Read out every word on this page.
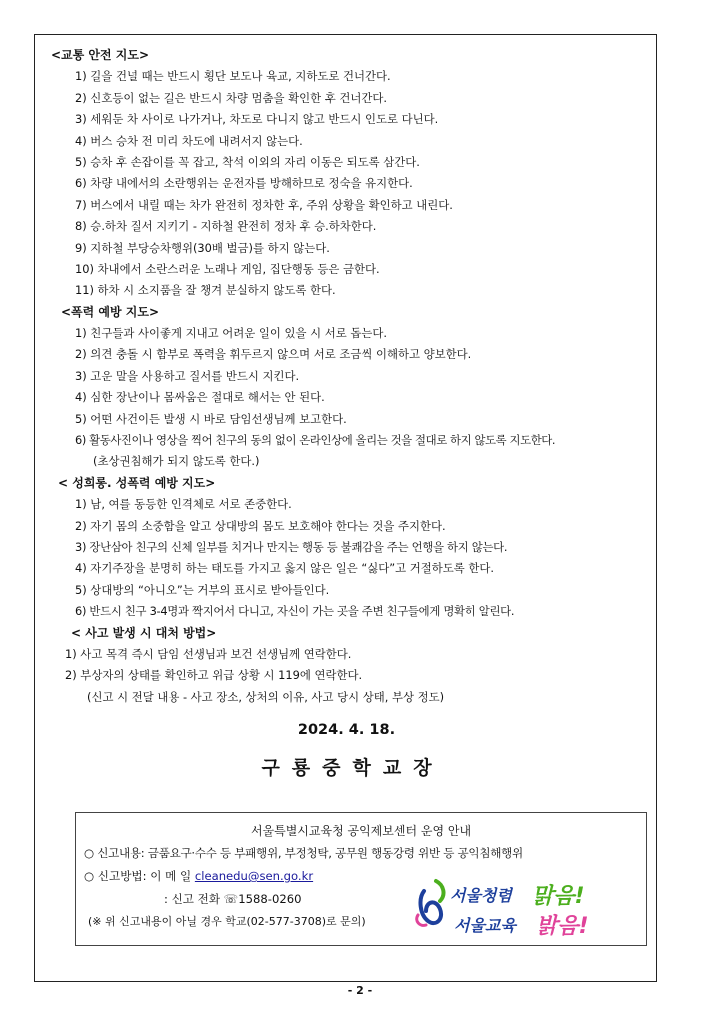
<교통 안전 지도>
1) 길을 건널 때는 반드시 횡단 보도나 육교, 지하도로 건너간다.
2) 신호등이 없는 길은 반드시 차량 멈춤을 확인한 후 건너간다.
3) 세워둔 차 사이로 나가거나, 차도로 다니지 않고 반드시 인도로 다닌다.
4) 버스 승차 전 미리 차도에 내려서지 않는다.
5) 승차 후 손잡이를 꼭 잡고, 착석 이외의 자리 이동은 되도록 삼간다.
6) 차량 내에서의 소란행위는 운전자를 방해하므로 정숙을 유지한다.
7) 버스에서 내릴 때는 차가 완전히 정차한 후, 주위 상황을 확인하고 내린다.
8) 승.하차 질서 지키기 - 지하철 완전히 정차 후 승.하차한다.
9) 지하철 부당승차행위(30배 벌금)를 하지 않는다.
10) 차내에서 소란스러운 노래나 게임, 집단행동 등은 금한다.
11) 하차 시 소지품을 잘 챙겨 분실하지 않도록 한다.
<폭력 예방 지도>
1) 친구들과 사이좋게 지내고 어려운 일이 있을 시 서로 돕는다.
2) 의견 충돌 시 함부로 폭력을 휘두르지 않으며 서로 조금씩 이해하고 양보한다.
3) 고운 말을 사용하고 질서를 반드시 지킨다.
4) 심한 장난이나 몸싸움은 절대로 해서는 안 된다.
5) 어떤 사건이든 발생 시 바로 담임선생님께 보고한다.
6) 활동사진이나 영상을 찍어 친구의 동의 없이 온라인상에 올리는 것을 절대로 하지 않도록 지도한다.
(초상권침해가 되지 않도록 한다.)
< 성희롱. 성폭력 예방 지도>
1) 남, 여를 동등한 인격체로 서로 존중한다.
2) 자기 몸의 소중함을 알고 상대방의 몸도 보호해야 한다는 것을 주지한다.
3) 장난삼아 친구의 신체 일부를 치거나 만지는 행동 등 불쾌감을 주는 언행을 하지 않는다.
4) 자기주장을 분명히 하는 태도를 가지고 옳지 않은 일은 “싫다”고 거절하도록 한다.
5) 상대방의 “아니오”는 거부의 표시로 받아들인다.
6) 반드시 친구 3-4명과 짝지어서 다니고, 자신이 가는 곳을 주변 친구들에게 명확히 알린다.
< 사고 발생 시 대처 방법>
1) 사고 목격 즉시 담임 선생님과 보건 선생님께 연락한다.
2) 부상자의 상태를 확인하고 위급 상황 시 119에 연락한다.
(신고 시 전달 내용 - 사고 장소, 상처의 이유, 사고 당시 상태, 부상 정도)
2024. 4. 18.
구룡중학교장
서울특별시교육청 공익제보센터 운영 안내
○ 신고내용: 금품요구·수수 등 부패행위, 부정청탁, 공무원 행동강령 위반 등 공익침해행위
○ 신고방법: 이 메 일 cleanedu@sen.go.kr
: 신고 전화 ☏1588-0260
(※ 위 신고내용이 아닐 경우 학교(02-577-3708)로 문의)
서울청렴 맑음!
서울교육 밝음!
- 2 -
